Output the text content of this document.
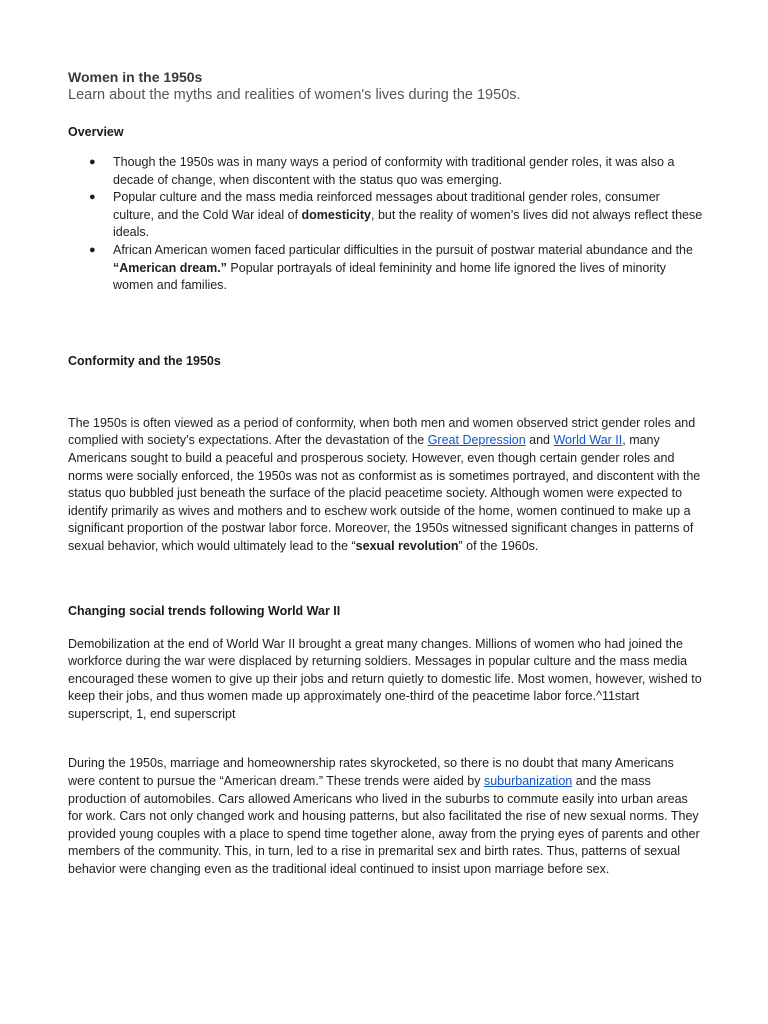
Women in the 1950s

Learn about the myths and realities of women's lives during the 1950s.

Overview
● Though the 1950s was in many ways a period of conformity with traditional gender roles, it was also a decade of change, when discontent with the status quo was emerging.
● Popular culture and the mass media reinforced messages about traditional gender roles, consumer culture, and the Cold War ideal of domesticity, but the reality of women’s lives did not always reflect these ideals.
● African American women faced particular difficulties in the pursuit of postwar material abundance and the “American dream.” Popular portrayals of ideal femininity and home life ignored the lives of minority women and families.
Conformity and the 1950s

The 1950s is often viewed as a period of conformity, when both men and women observed strict gender roles and complied with society’s expectations. After the devastation of the Great Depression and World War II, many Americans sought to build a peaceful and prosperous society. However, even though certain gender roles and norms were socially enforced, the 1950s was not as conformist as is sometimes portrayed, and discontent with the status quo bubbled just beneath the surface of the placid peacetime society. Although women were expected to identify primarily as wives and mothers and to eschew work outside of the home, women continued to make up a significant proportion of the postwar labor force. Moreover, the 1950s witnessed significant changes in patterns of sexual behavior, which would ultimately lead to the “sexual revolution” of the 1960s.

Changing social trends following World War II

Demobilization at the end of World War II brought a great many changes. Millions of women who had joined the workforce during the war were displaced by returning soldiers. Messages in popular culture and the mass media encouraged these women to give up their jobs and return quietly to domestic life. Most women, however, wished to keep their jobs, and thus women made up approximately one-third of the peacetime labor force.^11start superscript, 1, end superscript

During the 1950s, marriage and homeownership rates skyrocketed, so there is no doubt that many Americans were content to pursue the “American dream.” These trends were aided by suburbanization and the mass production of automobiles. Cars allowed Americans who lived in the suburbs to commute easily into urban areas for work. Cars not only changed work and housing patterns, but also facilitated the rise of new sexual norms. They provided young couples with a place to spend time together alone, away from the prying eyes of parents and other members of the community. This, in turn, led to a rise in premarital sex and birth rates. Thus, patterns of sexual behavior were changing even as the traditional ideal continued to insist upon marriage before sex.
